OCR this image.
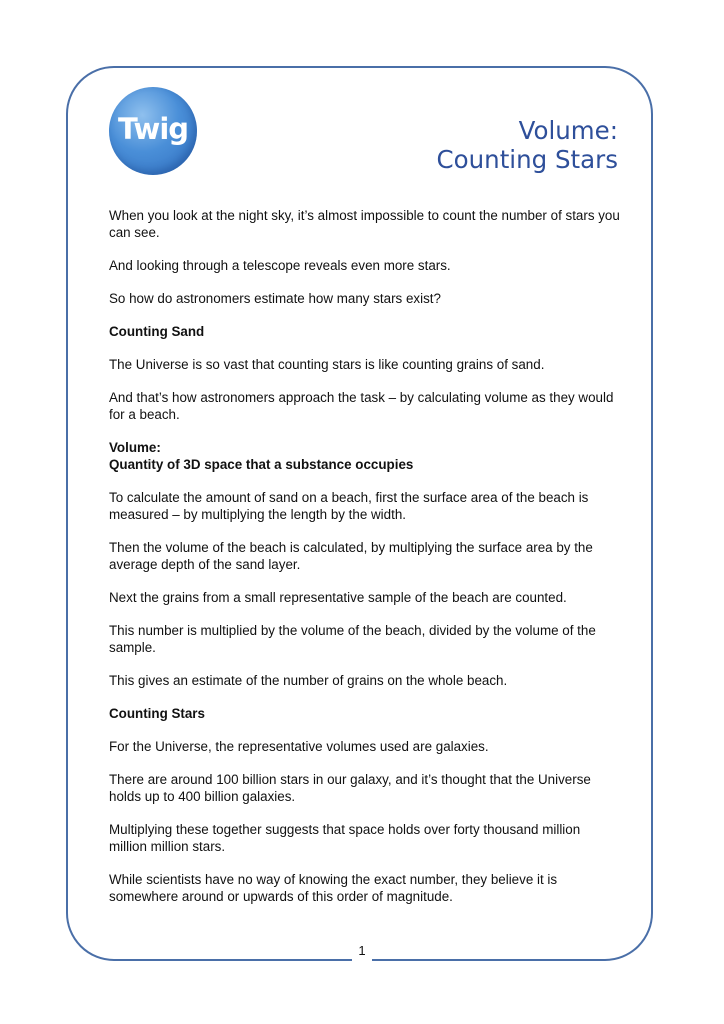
Twig	Volume:
Counting Stars

When you look at the night sky, it’s almost impossible to count the number of stars you can see.

And looking through a telescope reveals even more stars.

So how do astronomers estimate how many stars exist?

Counting Sand

The Universe is so vast that counting stars is like counting grains of sand.

And that’s how astronomers approach the task – by calculating volume as they would for a beach.

Volume:
Quantity of 3D space that a substance occupies

To calculate the amount of sand on a beach, first the surface area of the beach is measured – by multiplying the length by the width.

Then the volume of the beach is calculated, by multiplying the surface area by the average depth of the sand layer.

Next the grains from a small representative sample of the beach are counted.

This number is multiplied by the volume of the beach, divided by the volume of the sample.

This gives an estimate of the number of grains on the whole beach.

Counting Stars

For the Universe, the representative volumes used are galaxies.

There are around 100 billion stars in our galaxy, and it’s thought that the Universe holds up to 400 billion galaxies.

Multiplying these together suggests that space holds over forty thousand million million million stars.

While scientists have no way of knowing the exact number, they believe it is somewhere around or upwards of this order of magnitude.

1
